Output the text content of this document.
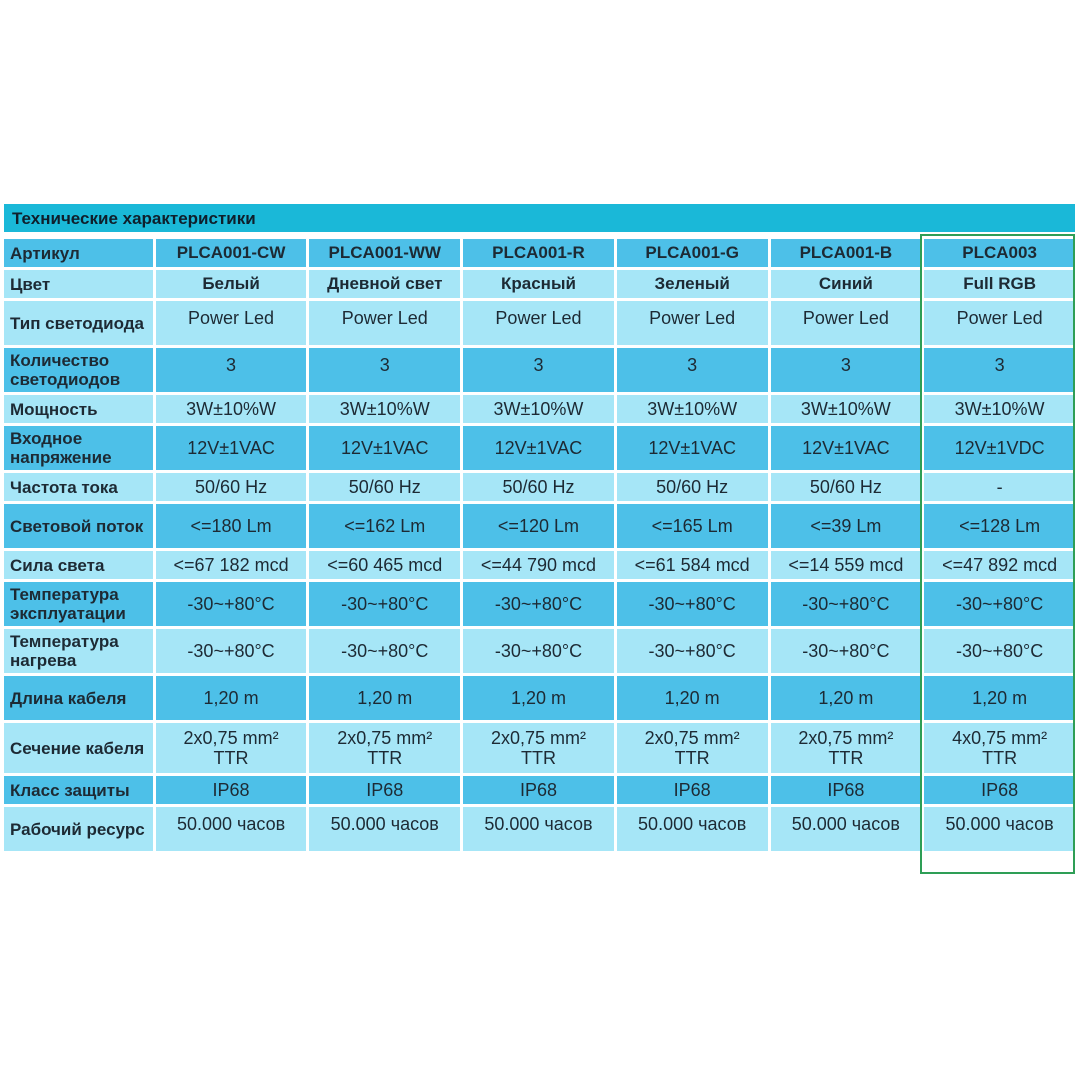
Технические характеристики
Артикул	PLCA001-CW	PLCA001-WW	PLCA001-R	PLCA001-G	PLCA001-B	PLCA003
Цвет	Белый	Дневной свет	Красный	Зеленый	Синий	Full RGB
Тип светодиода	Power Led	Power Led	Power Led	Power Led	Power Led	Power Led
Количество светодиодов	3	3	3	3	3	3
Мощность	3W±10%W	3W±10%W	3W±10%W	3W±10%W	3W±10%W	3W±10%W
Входное напряжение	12V±1VAC	12V±1VAC	12V±1VAC	12V±1VAC	12V±1VAC	12V±1VDC
Частота тока	50/60 Hz	50/60 Hz	50/60 Hz	50/60 Hz	50/60 Hz	-
Световой поток	<=180 Lm	<=162 Lm	<=120 Lm	<=165 Lm	<=39 Lm	<=128 Lm
Сила света	<=67 182 mcd	<=60 465 mcd	<=44 790 mcd	<=61 584 mcd	<=14 559 mcd	<=47 892 mcd
Температура эксплуатации	-30~+80°C	-30~+80°C	-30~+80°C	-30~+80°C	-30~+80°C	-30~+80°C
Температура нагрева	-30~+80°C	-30~+80°C	-30~+80°C	-30~+80°C	-30~+80°C	-30~+80°C
Длина кабеля	1,20 m	1,20 m	1,20 m	1,20 m	1,20 m	1,20 m
Сечение кабеля	2x0,75 mm² TTR	2x0,75 mm² TTR	2x0,75 mm² TTR	2x0,75 mm² TTR	2x0,75 mm² TTR	4x0,75 mm² TTR
Класс защиты	IP68	IP68	IP68	IP68	IP68	IP68
Рабочий ресурс	50.000 часов	50.000 часов	50.000 часов	50.000 часов	50.000 часов	50.000 часов
